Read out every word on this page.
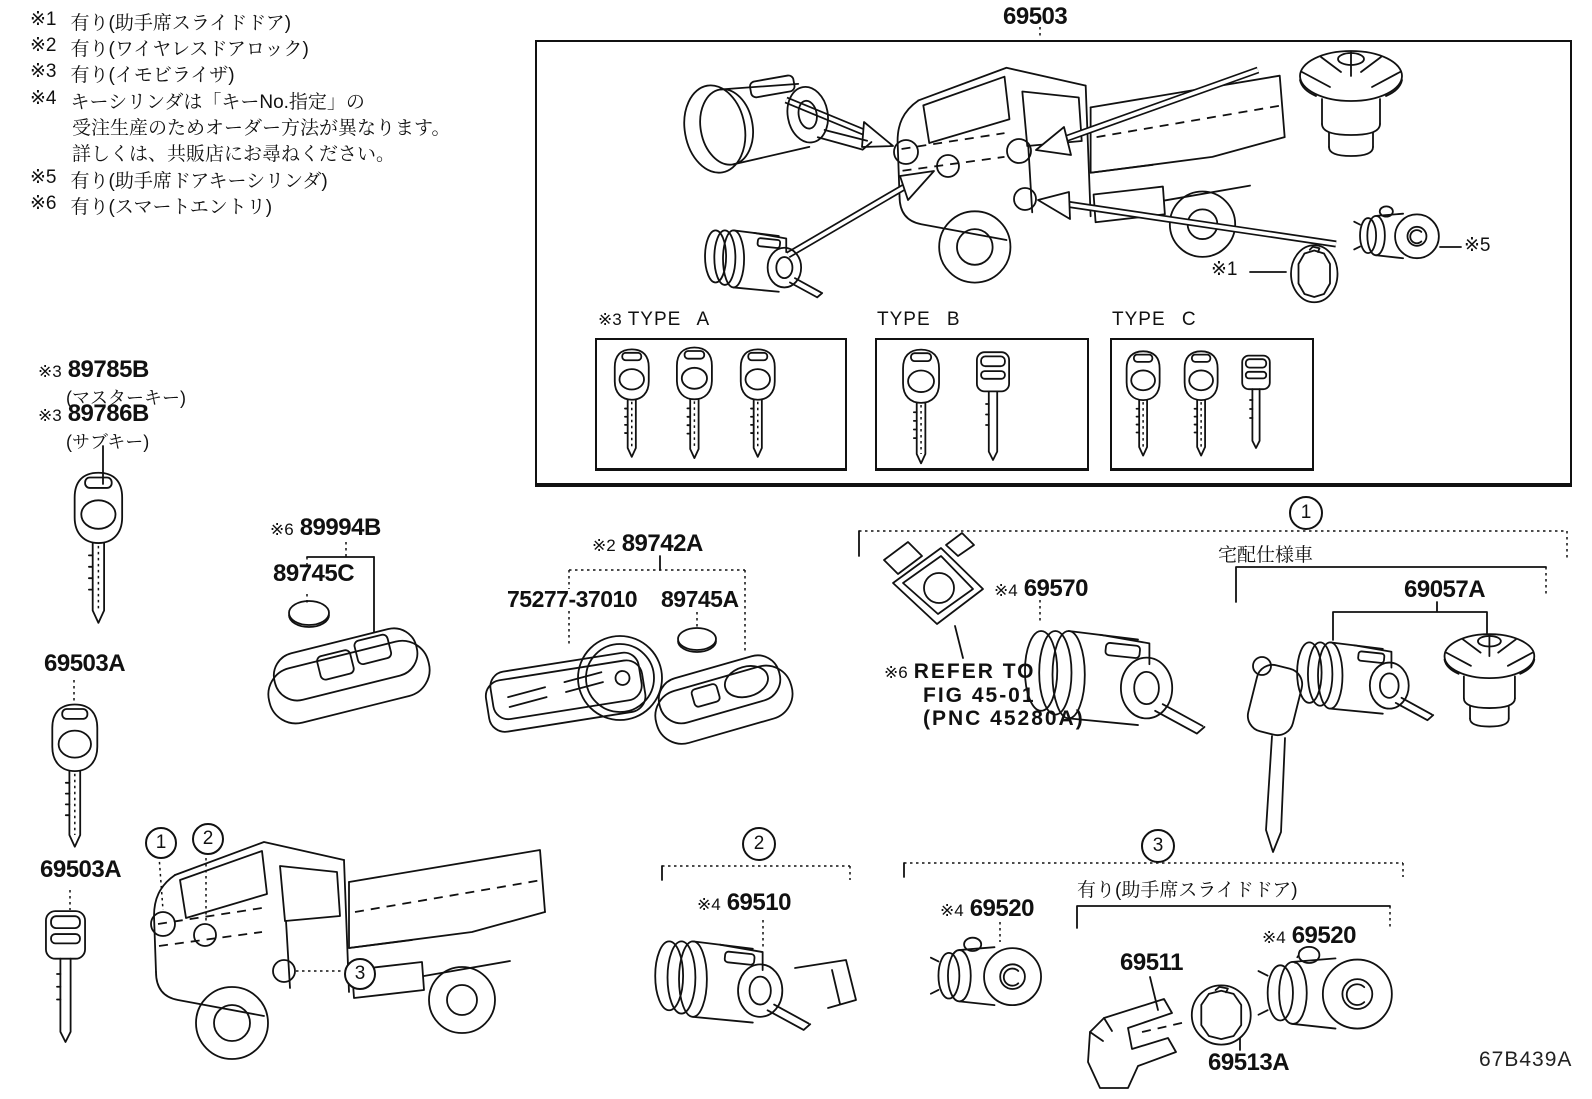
※1 有り(助手席スライドドア)
※2 有り(ワイヤレスドアロック)
※3 有り(イモビライザ)
※4 キーシリンダは「キーNo.指定」の
受注生産のためオーダー方法が異なります。
詳しくは、共販店にお尋ねください。
※5 有り(助手席ドアキーシリンダ)
※6 有り(スマートエントリ)
69503
※3 TYPE A	TYPE B	TYPE C
※1
※5
※3 89785B
(マスターキー)
※3 89786B
(サブキー)
69503A
69503A
※6 89994B
89745C
※2 89742A
75277-37010 89745A
1
※6 REFER TO
FIG 45-01
(PNC 45280A)
※4 69570
宅配仕様車
69057A
1	2
3
2
※4 69510
3
※4 69520
有り(助手席スライドドア)
69511
69513A
※4 69520
67B439A
